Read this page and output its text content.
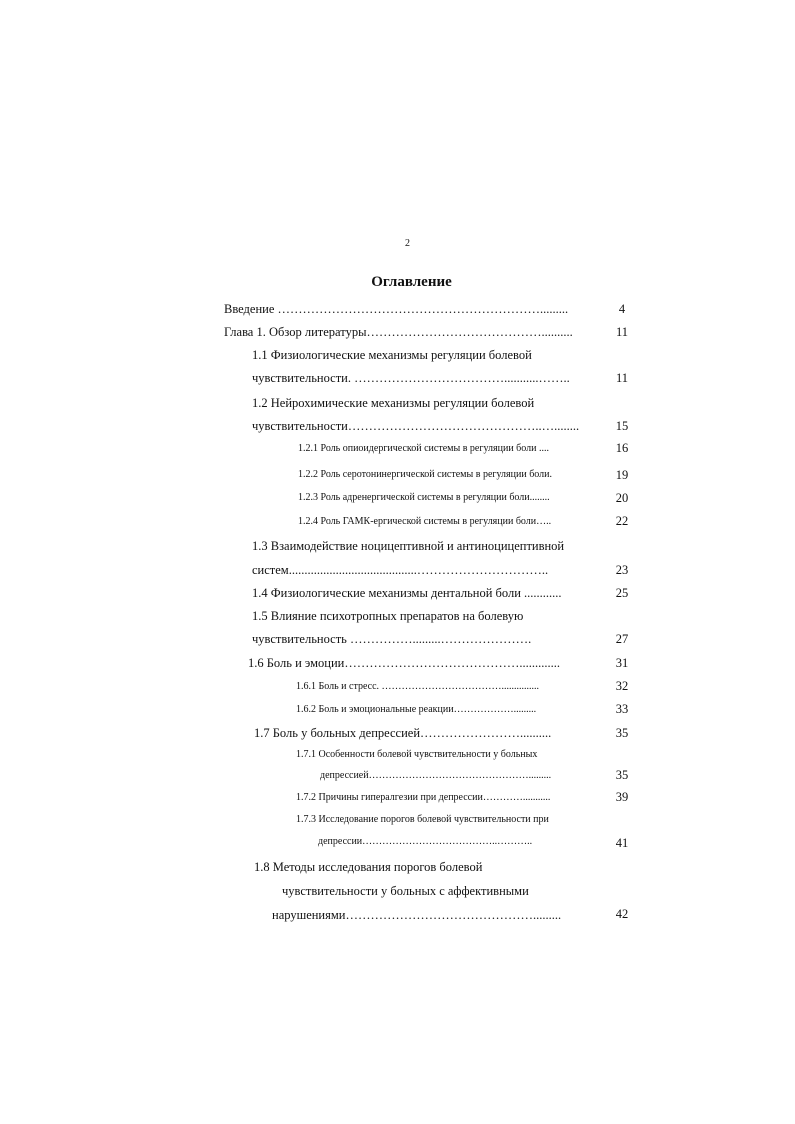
2
Оглавление
Введение ……………………………………………………….........	4
Глава 1. Обзор литературы……………………………………..........	11
1.1 Физиологические механизмы регуляции болевой
чувствительности. ………………………………...........……..	11
1.2 Нейрохимические механизмы регуляции болевой
чувствительности………………………………………..…........	15
1.2.1 Роль опиоидергической системы в регуляции боли ....	16
1.2.2 Роль серотонинергической системы в регуляции боли.	19
1.2.3 Роль адренергической системы в регуляции боли........	20
1.2.4 Роль ГАМК-ергической системы в регуляции боли…..	22
1.3 Взаимодействие ноцицептивной и антиноцицептивной
систем.........................................…………………………..	23
1.4 Физиологические механизмы дентальной боли ............	25
1.5 Влияние психотропных препаратов на болевую
чувствительность …………….........………………….	27
1.6 Боль и эмоции…………………………………….............	31
1.6.1 Боль и стресс. ………………………………...............	32
1.6.2 Боль и эмоциональные реакции……………….........	33
1.7 Боль у больных депрессией……………………..........	35
1.7.1 Особенности болевой чувствительности у больных
депрессией………………………………………….........	35
1.7.2 Причины гипералгезии при депрессии…………...........	39
1.7.3 Исследование порогов болевой чувствительности при
депрессии…………………………………..………..	41
1.8 Методы исследования порогов болевой
чувствительности у больных с аффективными
нарушениями……………………………………….........	42
